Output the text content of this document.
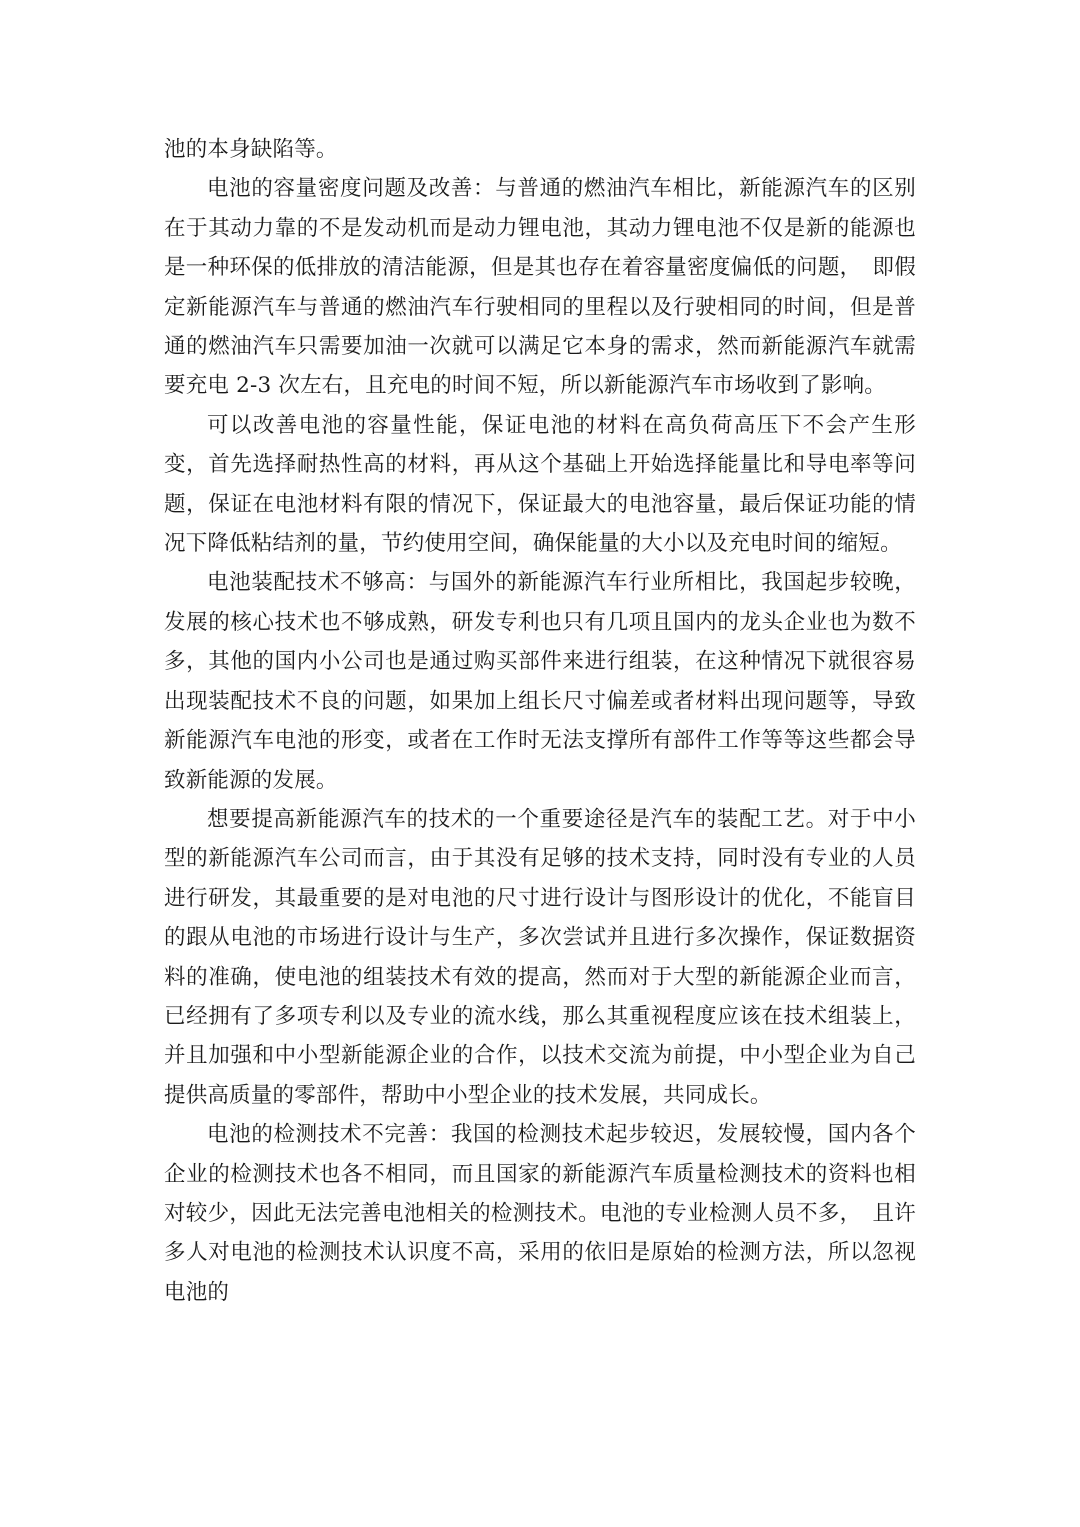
池的本身缺陷等。

电池的容量密度问题及改善：与普通的燃油汽车相比，新能源汽车的区别在于其动力靠的不是发动机而是动力锂电池，其动力锂电池不仅是新的能源也是一种环保的低排放的清洁能源，但是其也存在着容量密度偏低的问题，　即假定新能源汽车与普通的燃油汽车行驶相同的里程以及行驶相同的时间，但是普通的燃油汽车只需要加油一次就可以满足它本身的需求，然而新能源汽车就需要充电 2-3 次左右，且充电的时间不短，所以新能源汽车市场收到了影响。

可以改善电池的容量性能，保证电池的材料在高负荷高压下不会产生形变，首先选择耐热性高的材料，再从这个基础上开始选择能量比和导电率等问题，保证在电池材料有限的情况下，保证最大的电池容量，最后保证功能的情况下降低粘结剂的量，节约使用空间，确保能量的大小以及充电时间的缩短。

电池装配技术不够高：与国外的新能源汽车行业所相比，我国起步较晚，发展的核心技术也不够成熟，研发专利也只有几项且国内的龙头企业也为数不多，其他的国内小公司也是通过购买部件来进行组装，在这种情况下就很容易出现装配技术不良的问题，如果加上组长尺寸偏差或者材料出现问题等，导致新能源汽车电池的形变，或者在工作时无法支撑所有部件工作等等这些都会导致新能源的发展。

想要提高新能源汽车的技术的一个重要途径是汽车的装配工艺。对于中小型的新能源汽车公司而言，由于其没有足够的技术支持，同时没有专业的人员进行研发，其最重要的是对电池的尺寸进行设计与图形设计的优化，不能盲目的跟从电池的市场进行设计与生产，多次尝试并且进行多次操作，保证数据资料的准确，使电池的组装技术有效的提高，然而对于大型的新能源企业而言，已经拥有了多项专利以及专业的流水线，那么其重视程度应该在技术组装上，并且加强和中小型新能源企业的合作，以技术交流为前提，中小型企业为自己提供高质量的零部件，帮助中小型企业的技术发展，共同成长。

电池的检测技术不完善：我国的检测技术起步较迟，发展较慢，国内各个企业的检测技术也各不相同，而且国家的新能源汽车质量检测技术的资料也相对较少，因此无法完善电池相关的检测技术。电池的专业检测人员不多，　且许多人对电池的检测技术认识度不高，采用的依旧是原始的检测方法，所以忽视电池的
